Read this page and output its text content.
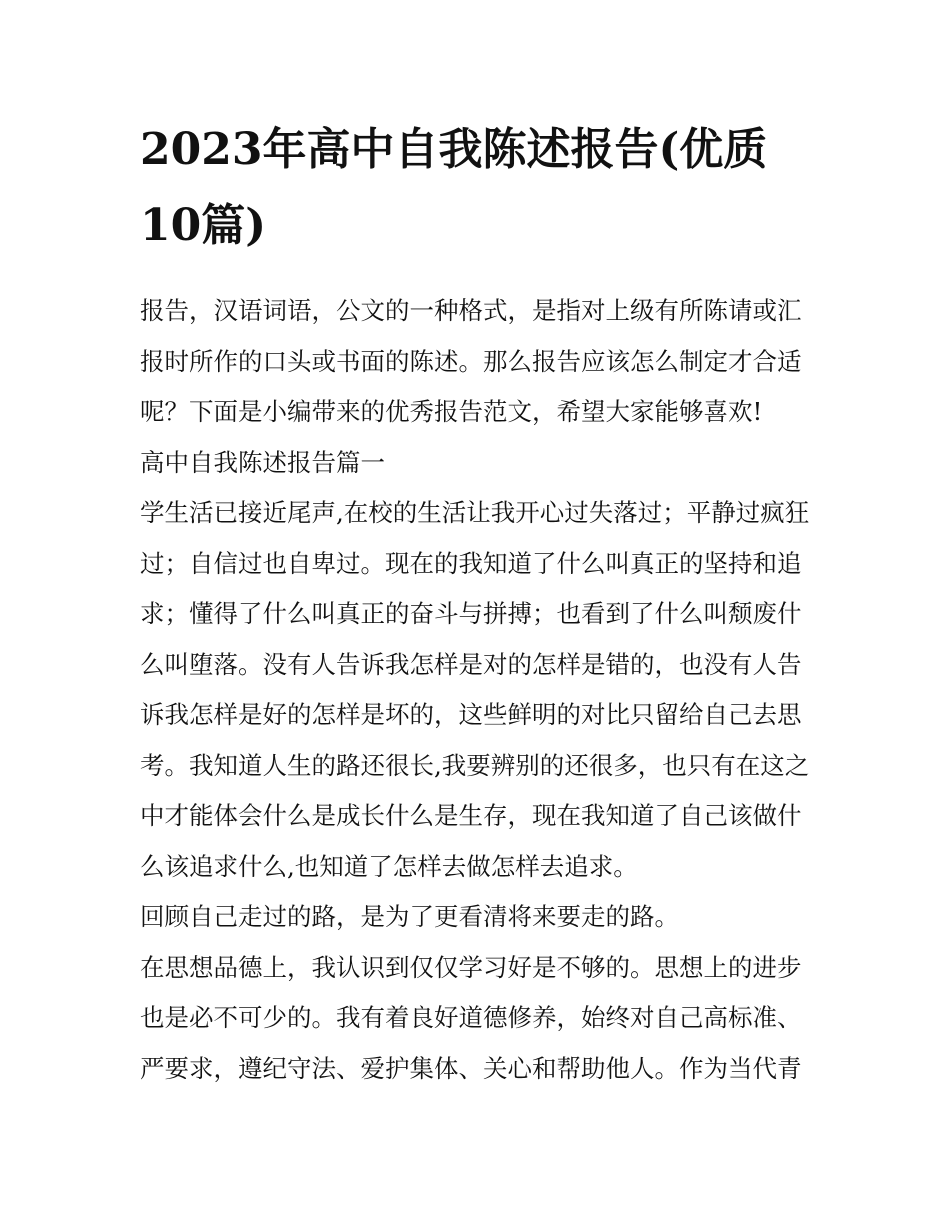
2023年高中自我陈述报告(优质10篇)

报告，汉语词语，公文的一种格式，是指对上级有所陈请或汇报时所作的口头或书面的陈述。那么报告应该怎么制定才合适呢？下面是小编带来的优秀报告范文，希望大家能够喜欢!

高中自我陈述报告篇一

学生活已接近尾声,在校的生活让我开心过失落过；平静过疯狂过；自信过也自卑过。现在的我知道了什么叫真正的坚持和追求；懂得了什么叫真正的奋斗与拼搏；也看到了什么叫颓废什么叫堕落。没有人告诉我怎样是对的怎样是错的，也没有人告诉我怎样是好的怎样是坏的，这些鲜明的对比只留给自己去思考。我知道人生的路还很长,我要辨别的还很多，也只有在这之中才能体会什么是成长什么是生存，现在我知道了自己该做什么该追求什么,也知道了怎样去做怎样去追求。

回顾自己走过的路，是为了更看清将来要走的路。

在思想品德上，我认识到仅仅学习好是不够的。思想上的进步也是必不可少的。我有着良好道德修养，始终对自己高标准、严要求，遵纪守法、爱护集体、关心和帮助他人。作为当代青
